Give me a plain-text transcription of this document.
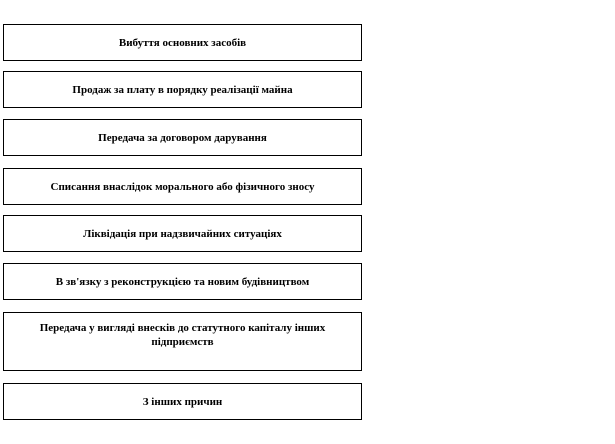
Вибуття основних засобів
Продаж за плату в порядку реалізації майна
Передача за договором дарування
Списання внаслідок морального або фізичного зносу
Ліквідація при надзвичайних ситуаціях
В зв'язку з реконструкцією та новим будівництвом
Передача у вигляді внесків до статутного капіталу інших підприємств
З інших причин
